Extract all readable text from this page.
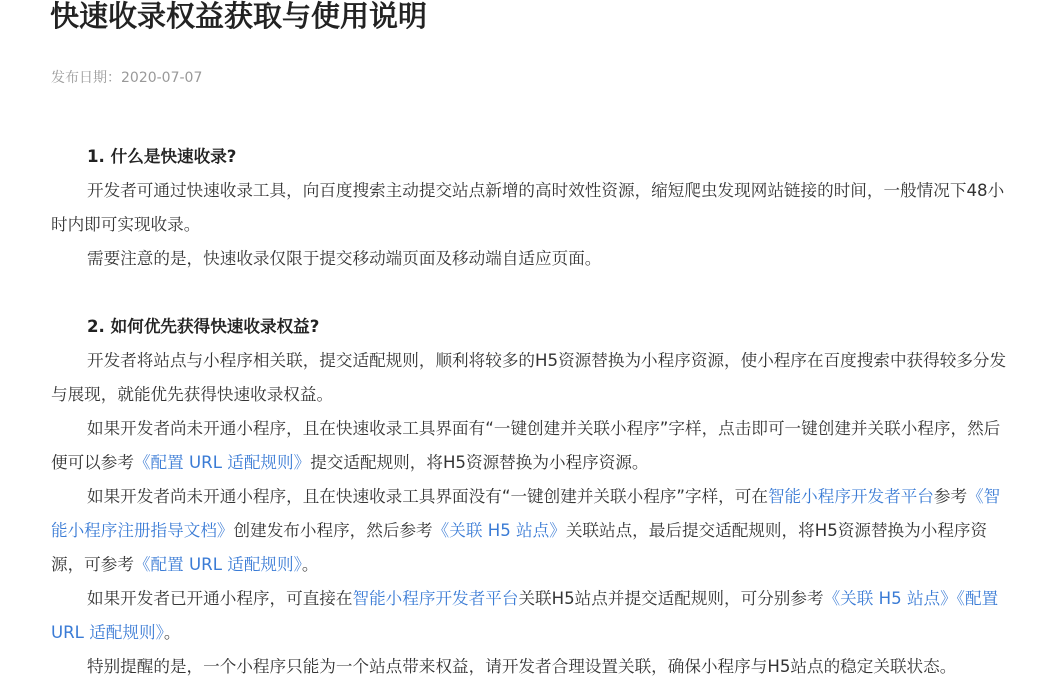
快速收录权益获取与使用说明
发布日期：2020-07-07
1. 什么是快速收录?

开发者可通过快速收录工具，向百度搜索主动提交站点新增的高时效性资源，缩短爬虫发现网站链接的时间，一般情况下48小时内即可实现收录。

需要注意的是，快速收录仅限于提交移动端页面及移动端自适应页面。

2. 如何优先获得快速收录权益?

开发者将站点与小程序相关联，提交适配规则，顺利将较多的H5资源替换为小程序资源，使小程序在百度搜索中获得较多分发与展现，就能优先获得快速收录权益。

如果开发者尚未开通小程序，且在快速收录工具界面有“一键创建并关联小程序”字样，点击即可一键创建并关联小程序，然后便可以参考《配置 URL 适配规则》提交适配规则，将H5资源替换为小程序资源。

如果开发者尚未开通小程序，且在快速收录工具界面没有“一键创建并关联小程序”字样，可在智能小程序开发者平台参考《智能小程序注册指导文档》创建发布小程序，然后参考《关联 H5 站点》关联站点，最后提交适配规则，将H5资源替换为小程序资源，可参考《配置 URL 适配规则》。

如果开发者已开通小程序，可直接在智能小程序开发者平台关联H5站点并提交适配规则，可分别参考《关联 H5 站点》《配置 URL 适配规则》。

特别提醒的是，一个小程序只能为一个站点带来权益，请开发者合理设置关联，确保小程序与H5站点的稳定关联状态。
